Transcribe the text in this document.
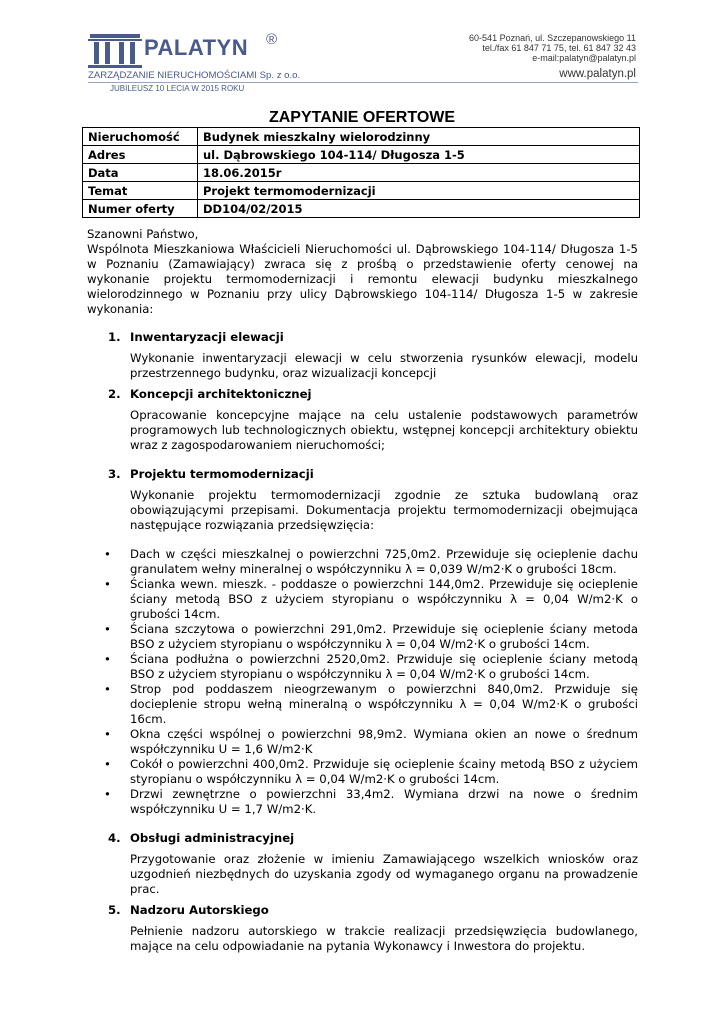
PALATYN ®
ZARZĄDZANIE NIERUCHOMOŚCIAMI Sp. z o.o.
JUBILEUSZ 10 LECIA W 2015 ROKU
60-541 Poznań, ul. Szczepanowskiego 11
tel./fax 61 847 71 75, tel. 61 847 32 43
e-mail:palatyn@palatyn.pl
www.palatyn.pl
ZAPYTANIE OFERTOWE
Nieruchomość	Budynek mieszkalny wielorodzinny
Adres	ul. Dąbrowskiego 104-114/ Długosza 1-5
Data	18.06.2015r
Temat	Projekt termomodernizacji
Numer oferty	DD104/02/2015

Szanowni Państwo,

Wspólnota Mieszkaniowa Właścicieli Nieruchomości ul. Dąbrowskiego 104-114/ Długosza 1-5 w Poznaniu (Zamawiający) zwraca się z prośbą o przedstawienie oferty cenowej na wykonanie projektu termomodernizacji i remontu elewacji budynku mieszkalnego wielorodzinnego w Poznaniu przy ulicy Dąbrowskiego 104-114/ Długosza 1-5 w zakresie wykonania:

1. Inwentaryzacji elewacji

Wykonanie inwentaryzacji elewacji w celu stworzenia rysunków elewacji, modelu przestrzennego budynku, oraz wizualizacji koncepcji

2. Koncepcji architektonicznej

Opracowanie koncepcyjne mające na celu ustalenie podstawowych parametrów programowych lub technologicznych obiektu, wstępnej koncepcji architektury obiektu wraz z zagospodarowaniem nieruchomości;

3. Projektu termomodernizacji

Wykonanie projektu termomodernizacji zgodnie ze sztuka budowlaną oraz obowiązującymi przepisami. Dokumentacja projektu termomodernizacji obejmująca następujące rozwiązania przedsięwzięcia:

•	Dach w części mieszkalnej o powierzchni 725,0m2. Przewiduje się ocieplenie dachu granulatem wełny mineralnej o współczynniku λ = 0,039 W/m2·K o grubości 18cm.
•	Ścianka wewn. mieszk. - poddasze o powierzchni 144,0m2. Przewiduje się ocieplenie ściany metodą BSO z użyciem styropianu o współczynniku λ = 0,04 W/m2·K o grubości 14cm.
•	Ściana szczytowa o powierzchni 291,0m2. Przewiduje się ocieplenie ściany metoda BSO z użyciem styropianu o współczynniku λ = 0,04 W/m2·K o grubości 14cm.
•	Ściana podłużna o powierzchni 2520,0m2. Przwiduje się ocieplenie ściany metodą BSO z użyciem styropianu o współczynniku λ = 0,04 W/m2·K o grubości 14cm.
•	Strop pod poddaszem nieogrzewanym o powierzchni 840,0m2. Przwiduje się docieplenie stropu wełną mineralną o współczynniku λ = 0,04 W/m2·K o grubości 16cm.
•	Okna części wspólnej o powierzchni 98,9m2. Wymiana okien an nowe o średnum współczynniku U = 1,6 W/m2·K
•	Cokół o powierzchni 400,0m2. Przwiduje się ocieplenie ścainy metodą BSO z użyciem styropianu o współczynniku λ = 0,04 W/m2·K o grubości 14cm.
•	Drzwi zewnętrzne o powierzchni 33,4m2. Wymiana drzwi na nowe o średnim współczynniku U = 1,7 W/m2·K.
4. Obsługi administracyjnej

Przygotowanie oraz złożenie w imieniu Zamawiającego wszelkich wniosków oraz uzgodnień niezbędnych do uzyskania zgody od wymaganego organu na prowadzenie prac.

5. Nadzoru Autorskiego

Pełnienie nadzoru autorskiego w trakcie realizacji przedsięwzięcia budowlanego, mające na celu odpowiadanie na pytania Wykonawcy i Inwestora do projektu.
